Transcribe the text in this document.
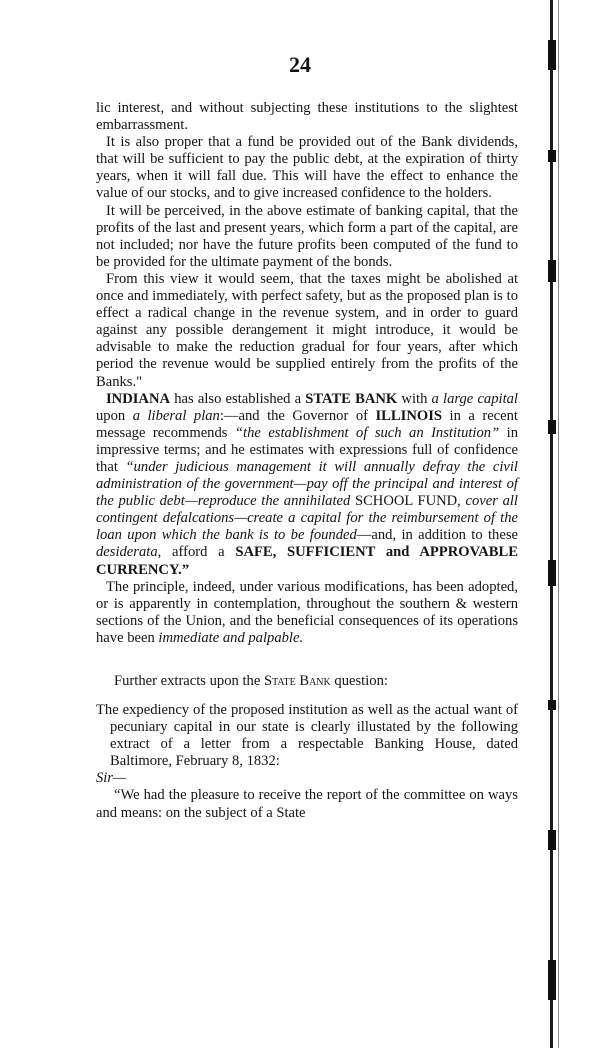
24

lic interest, and without subjecting these institutions to the slightest embarrassment.

It is also proper that a fund be provided out of the Bank dividends, that will be sufficient to pay the public debt, at the expiration of thirty years, when it will fall due. This will have the effect to enhance the value of our stocks, and to give increased confidence to the holders.

It will be perceived, in the above estimate of banking capital, that the profits of the last and present years, which form a part of the capital, are not included; nor have the future profits been computed of the fund to be provided for the ultimate payment of the bonds.

From this view it would seem, that the taxes might be abolished at once and immediately, with perfect safety, but as the proposed plan is to effect a radical change in the revenue system, and in order to guard against any possible derangement it might introduce, it would be advisable to make the reduction gradual for four years, after which period the revenue would be supplied entirely from the profits of the Banks."

INDIANA has also established a STATE BANK with a large capital upon a liberal plan:—and the Governor of ILLINOIS in a recent message recommends “the establishment of such an Institution” in impressive terms; and he estimates with expressions full of confidence that “under judicious management it will annually defray the civil administration of the government—pay off the principal and interest of the public debt—reproduce the annihilated SCHOOL FUND, cover all contingent defalcations—create a capital for the reimbursement of the loan upon which the bank is to be founded—and, in addition to these desiderata, afford a SAFE, SUFFICIENT and APPROVABLE CURRENCY.”

The principle, indeed, under various modifications, has been adopted, or is apparently in contemplation, throughout the southern & western sections of the Union, and the beneficial consequences of its operations have been immediate and palpable.

Further extracts upon the State Bank question:

The expediency of the proposed institution as well as the actual want of pecuniary capital in our state is clearly illustated by the following extract of a letter from a respectable Banking House, dated Baltimore, February 8, 1832:

Sir—

“We had the pleasure to receive the report of the committee on ways and means: on the subject of a State
